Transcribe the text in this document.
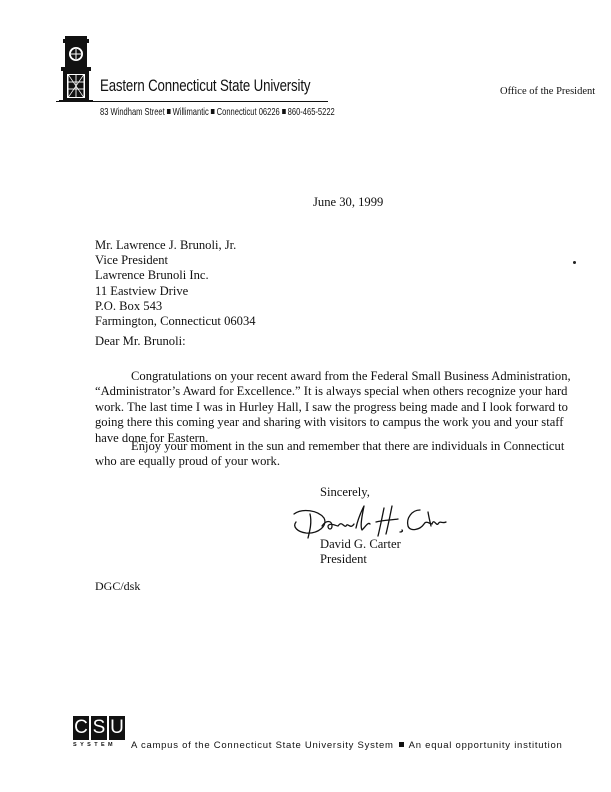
Eastern Connecticut State University
83 Windham Street Willimantic Connecticut 06226 860-465-5222
Office of the President
June 30, 1999
Mr. Lawrence J. Brunoli, Jr.
Vice President
Lawrence Brunoli Inc.
11 Eastview Drive
P.O. Box 543
Farmington, Connecticut 06034
Dear Mr. Brunoli:
Congratulations on your recent award from the Federal Small Business Administration,
“Administrator’s Award for Excellence.” It is always special when others recognize your hard
work. The last time I was in Hurley Hall, I saw the progress being made and I look forward to
going there this coming year and sharing with visitors to campus the work you and your staff
have done for Eastern.
Enjoy your moment in the sun and remember that there are individuals in Connecticut
who are equally proud of your work.
Sincerely,
David G. Carter
President
DGC/dsk
C S U
SYSTEM A campus of the Connecticut State University System An equal opportunity institution
